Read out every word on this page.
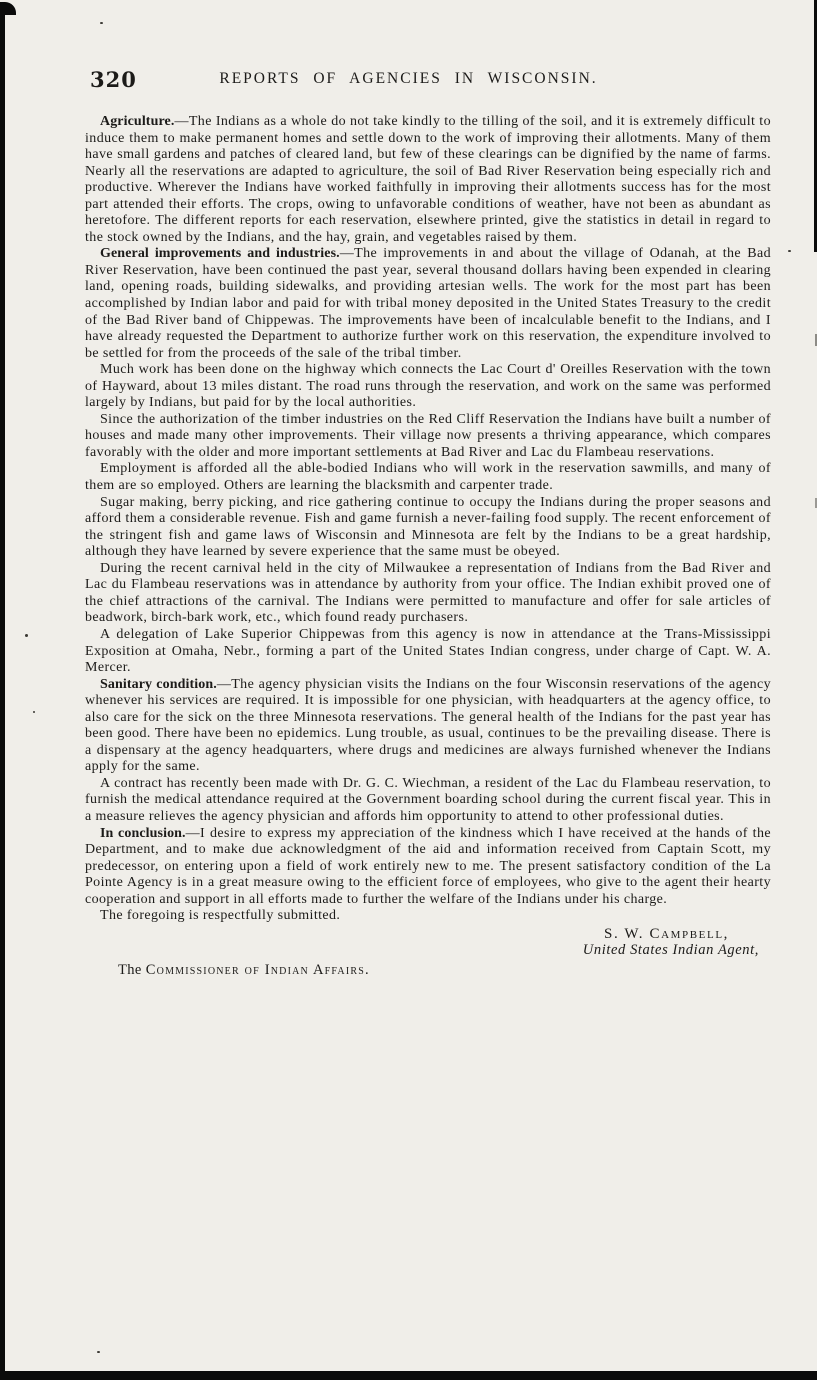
320	REPORTS OF AGENCIES IN WISCONSIN.

Agriculture.—The Indians as a whole do not take kindly to the tilling of the soil, and it is extremely difficult to induce them to make permanent homes and settle down to the work of improving their allotments. Many of them have small gardens and patches of cleared land, but few of these clearings can be dignified by the name of farms. Nearly all the reservations are adapted to agriculture, the soil of Bad River Reservation being especially rich and productive. Wherever the Indians have worked faithfully in improving their allotments success has for the most part attended their efforts. The crops, owing to unfavorable conditions of weather, have not been as abundant as heretofore. The different reports for each reservation, elsewhere printed, give the statistics in detail in regard to the stock owned by the Indians, and the hay, grain, and vegetables raised by them.

General improvements and industries.—The improvements in and about the village of Odanah, at the Bad River Reservation, have been continued the past year, several thousand dollars having been expended in clearing land, opening roads, building sidewalks, and providing artesian wells. The work for the most part has been accomplished by Indian labor and paid for with tribal money deposited in the United States Treasury to the credit of the Bad River band of Chippewas. The improvements have been of incalculable benefit to the Indians, and I have already requested the Department to authorize further work on this reservation, the expenditure involved to be settled for from the proceeds of the sale of the tribal timber.

Much work has been done on the highway which connects the Lac Court d' Oreilles Reservation with the town of Hayward, about 13 miles distant. The road runs through the reservation, and work on the same was performed largely by Indians, but paid for by the local authorities.

Since the authorization of the timber industries on the Red Cliff Reservation the Indians have built a number of houses and made many other improvements. Their village now presents a thriving appearance, which compares favorably with the older and more important settlements at Bad River and Lac du Flambeau reservations.

Employment is afforded all the able-bodied Indians who will work in the reservation sawmills, and many of them are so employed. Others are learning the blacksmith and carpenter trade.

Sugar making, berry picking, and rice gathering continue to occupy the Indians during the proper seasons and afford them a considerable revenue. Fish and game furnish a never-failing food supply. The recent enforcement of the stringent fish and game laws of Wisconsin and Minnesota are felt by the Indians to be a great hardship, although they have learned by severe experience that the same must be obeyed.

During the recent carnival held in the city of Milwaukee a representation of Indians from the Bad River and Lac du Flambeau reservations was in attendance by authority from your office. The Indian exhibit proved one of the chief attractions of the carnival. The Indians were permitted to manufacture and offer for sale articles of beadwork, birch-bark work, etc., which found ready purchasers.

A delegation of Lake Superior Chippewas from this agency is now in attendance at the Trans-Mississippi Exposition at Omaha, Nebr., forming a part of the United States Indian congress, under charge of Capt. W. A. Mercer.

Sanitary condition.—The agency physician visits the Indians on the four Wisconsin reservations of the agency whenever his services are required. It is impossible for one physician, with headquarters at the agency office, to also care for the sick on the three Minnesota reservations. The general health of the Indians for the past year has been good. There have been no epidemics. Lung trouble, as usual, continues to be the prevailing disease. There is a dispensary at the agency headquarters, where drugs and medicines are always furnished whenever the Indians apply for the same.

A contract has recently been made with Dr. G. C. Wiechman, a resident of the Lac du Flambeau reservation, to furnish the medical attendance required at the Government boarding school during the current fiscal year. This in a measure relieves the agency physician and affords him opportunity to attend to other professional duties.

In conclusion.—I desire to express my appreciation of the kindness which I have received at the hands of the Department, and to make due acknowledgment of the aid and information received from Captain Scott, my predecessor, on entering upon a field of work entirely new to me. The present satisfactory condition of the La Pointe Agency is in a great measure owing to the efficient force of employees, who give to the agent their hearty cooperation and support in all efforts made to further the welfare of the Indians under his charge.

The foregoing is respectfully submitted.

S. W. Campbell,
United States Indian Agent,
The Commissioner of Indian Affairs.
